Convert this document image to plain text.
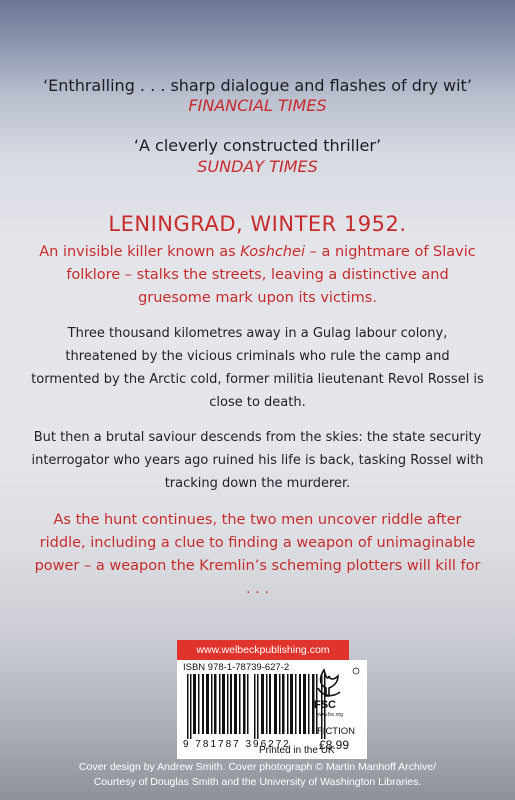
‘Enthralling . . . sharp dialogue and flashes of dry wit’
FINANCIAL TIMES
‘A cleverly constructed thriller’
SUNDAY TIMES
LENINGRAD, WINTER 1952.
An invisible killer known as Koshchei – a nightmare of Slavic folklore – stalks the streets, leaving a distinctive and gruesome mark upon its victims.
Three thousand kilometres away in a Gulag labour colony, threatened by the vicious criminals who rule the camp and tormented by the Arctic cold, former militia lieutenant Revol Rossel is close to death.
But then a brutal saviour descends from the skies: the state security interrogator who years ago ruined his life is back, tasking Rossel with tracking down the murderer.
As the hunt continues, the two men uncover riddle after riddle, including a clue to finding a weapon of unimaginable power – a weapon the Kremlin’s scheming plotters will kill for . . .
www.welbeckpublishing.com
ISBN 978-1-78739-627-2
9 781787 396272
Printed in the UK
FSC
www.fsc.org
FICTION
£8.99
Cover design by Andrew Smith. Cover photograph © Martin Manhoff Archive/
Courtesy of Douglas Smith and the University of Washington Libraries.
